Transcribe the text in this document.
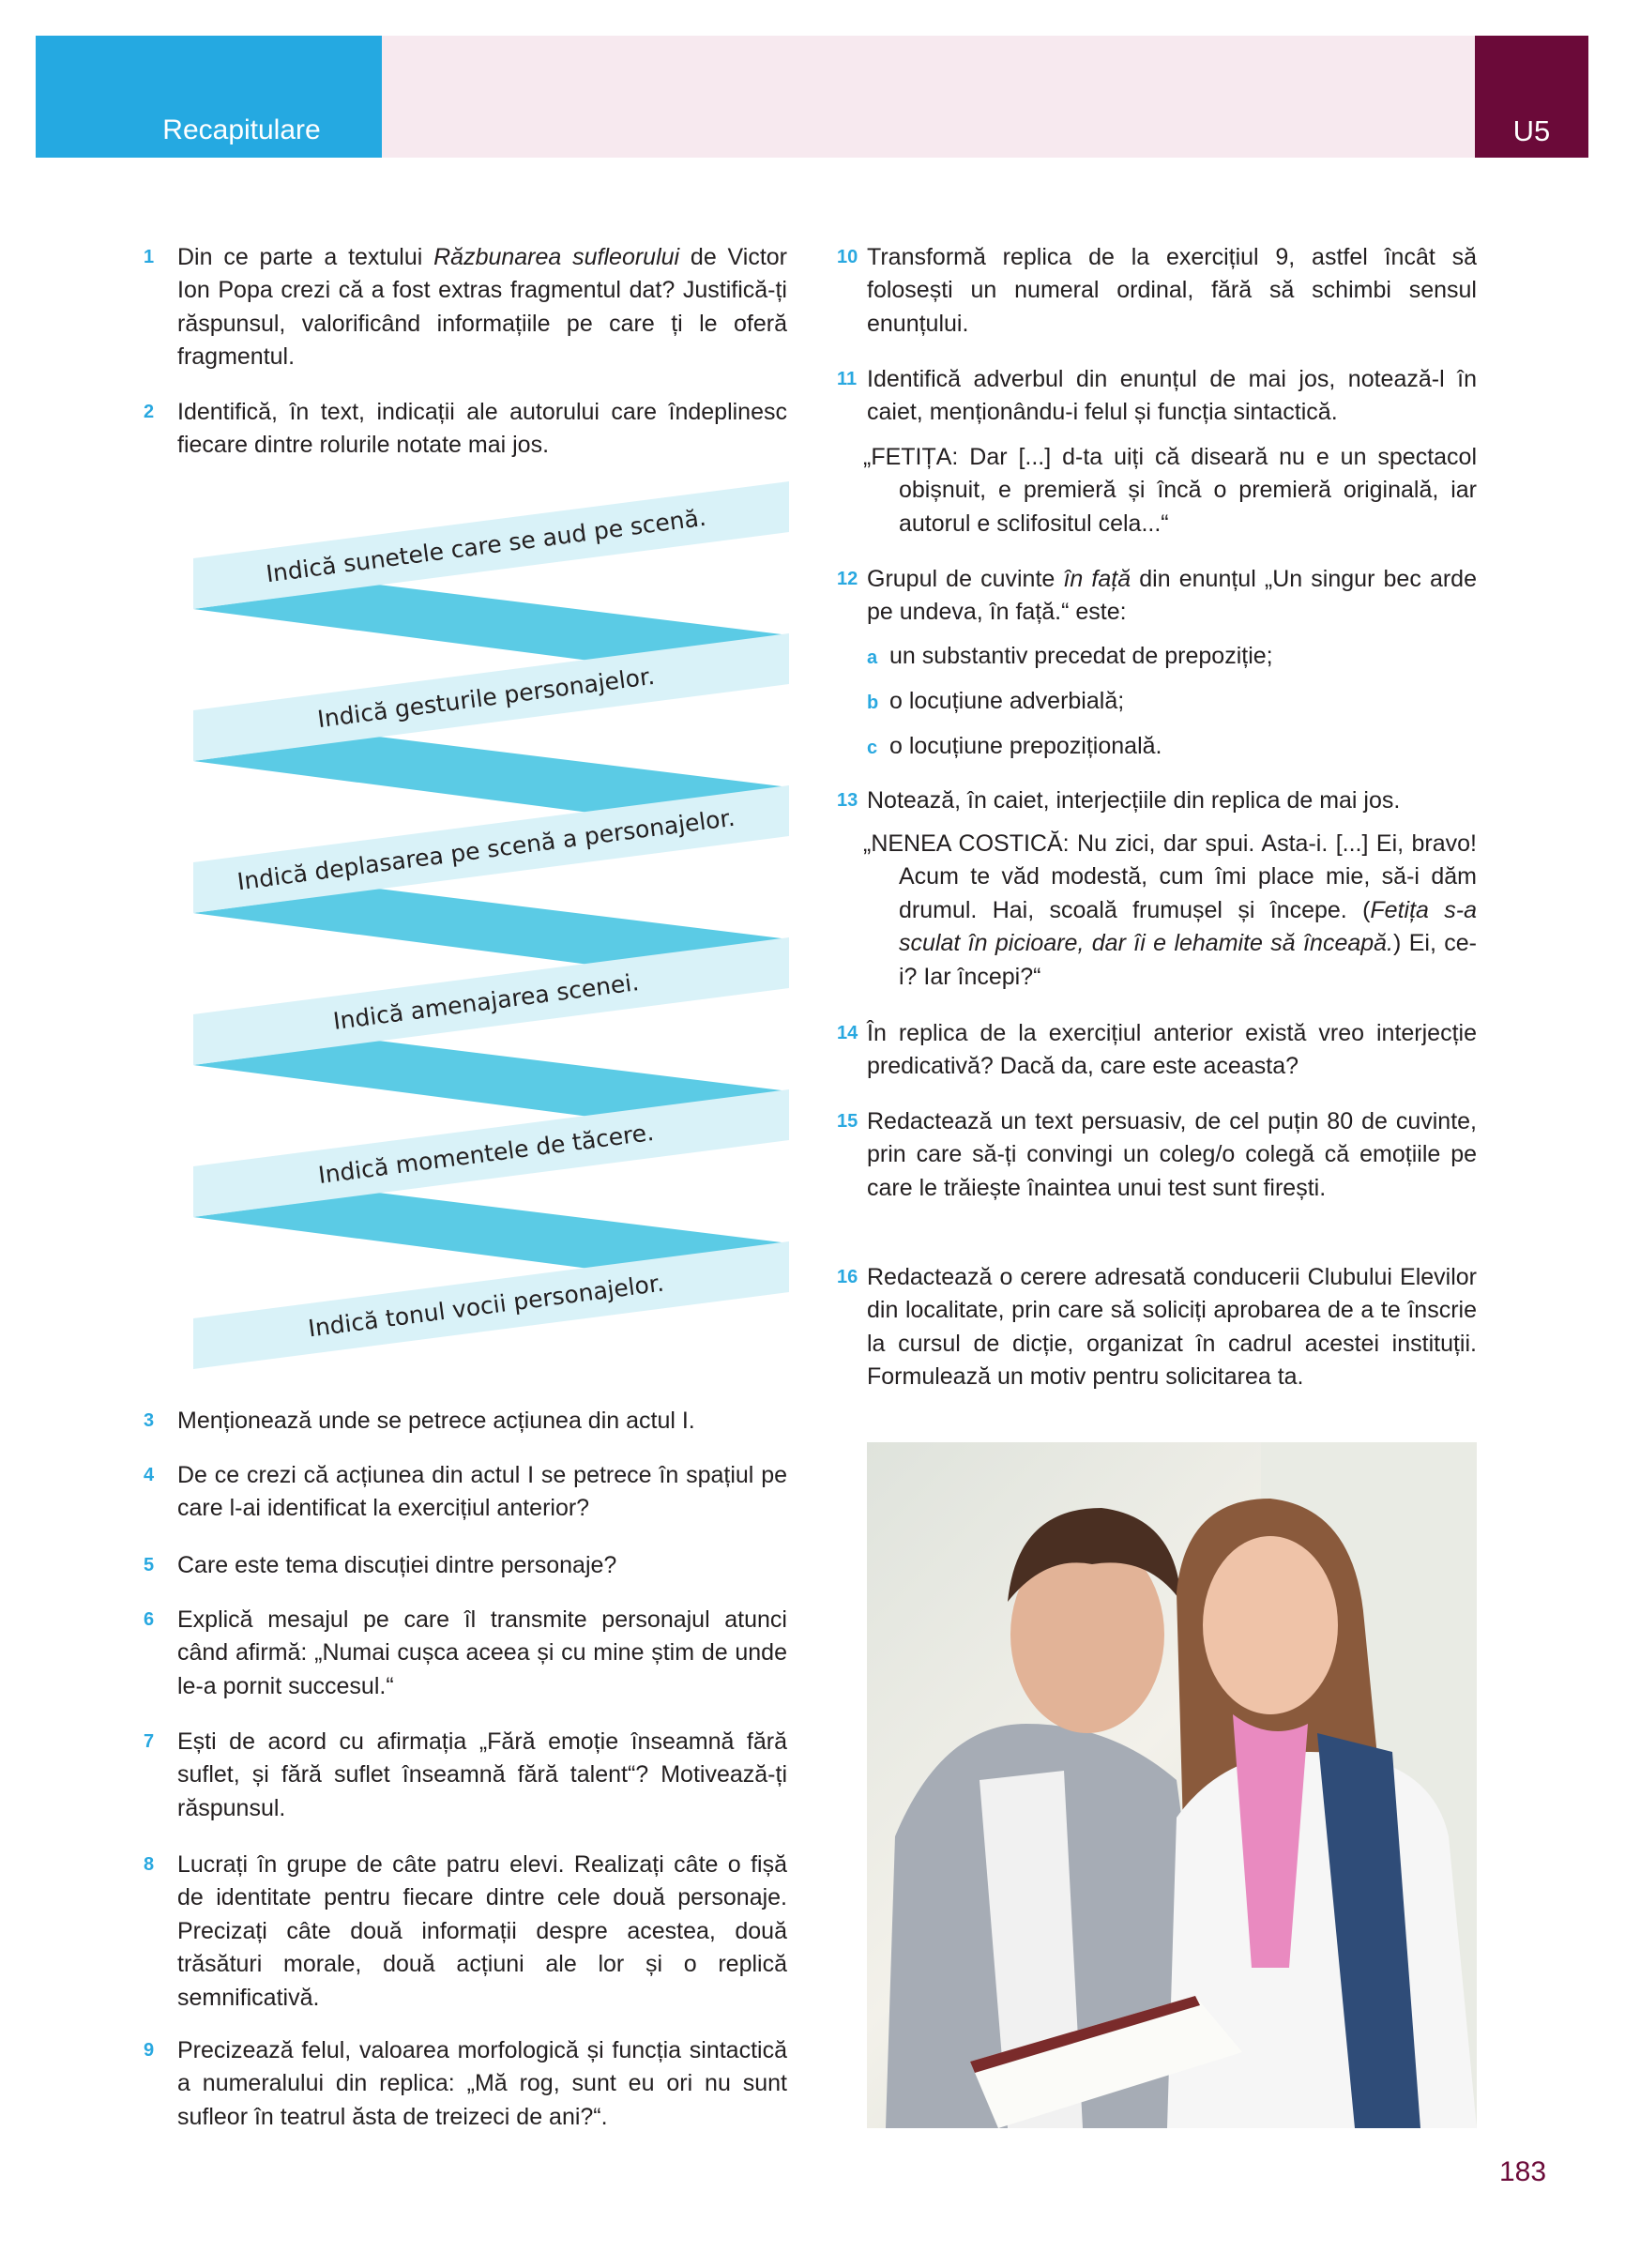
Recapitulare	U5
1 Din ce parte a textului Răzbunarea sufleorului de Victor Ion Popa crezi că a fost extras fragmentul dat? Justifică-ți răspunsul, valorificând informațiile pe care ți le oferă fragmentul.
2 Identifică, în text, indicații ale autorului care îndeplinesc fiecare dintre rolurile notate mai jos.
Indică sunetele care se aud pe scenă.
Indică gesturile personajelor.
Indică deplasarea pe scenă a personajelor.
Indică amenajarea scenei.
Indică momentele de tăcere.
Indică tonul vocii personajelor.
3 Menționează unde se petrece acțiunea din actul I.
4 De ce crezi că acțiunea din actul I se petrece în spațiul pe care l-ai identificat la exercițiul anterior?
5 Care este tema discuției dintre personaje?
6 Explică mesajul pe care îl transmite personajul atunci când afirmă: „Numai cușca aceea și cu mine știm de unde le-a pornit succesul.“
7 Ești de acord cu afirmația „Fără emoție înseamnă fără suflet, și fără suflet înseamnă fără talent“? Motivează-ți răspunsul.
8 Lucrați în grupe de câte patru elevi. Realizați câte o fișă de identitate pentru fiecare dintre cele două personaje. Precizați câte două informații despre acestea, două trăsături morale, două acțiuni ale lor și o replică semnificativă.
9 Precizează felul, valoarea morfologică și funcția sintactică a numeralului din replica: „Mă rog, sunt eu ori nu sunt sufleor în teatrul ăsta de treizeci de ani?“.
10 Transformă replica de la exercițiul 9, astfel încât să folosești un numeral ordinal, fără să schimbi sensul enunțului.
11 Identifică adverbul din enunțul de mai jos, notează-l în caiet, menționându-i felul și funcția sintactică.
„FETIȚA: Dar [...] d-ta uiți că diseară nu e un spectacol obișnuit, e premieră și încă o premieră originală, iar autorul e sclifositul cela...“
12 Grupul de cuvinte în față din enunțul „Un singur bec arde pe undeva, în față.“ este:
a un substantiv precedat de prepoziție;
b o locuțiune adverbială;
c o locuțiune prepozițională.
13 Notează, în caiet, interjecțiile din replica de mai jos.
„NENEA COSTICĂ: Nu zici, dar spui. Asta-i. [...] Ei, bravo! Acum te văd modestă, cum îmi place mie, să-i dăm drumul. Hai, scoală frumușel și începe. (Fetița s-a sculat în picioare, dar îi e lehamite să înceapă.) Ei, ce-i? Iar începi?“
14 În replica de la exercițiul anterior există vreo interjecție predicativă? Dacă da, care este aceasta?
15 Redactează un text persuasiv, de cel puțin 80 de cuvinte, prin care să-ți convingi un coleg/o colegă că emoțiile pe care le trăiește înaintea unui test sunt firești.
16 Redactează o cerere adresată conducerii Clubului Elevilor din localitate, prin care să soliciți aprobarea de a te înscrie la cursul de dicție, organizat în cadrul acestei instituții. Formulează un motiv pentru solicitarea ta.
183
